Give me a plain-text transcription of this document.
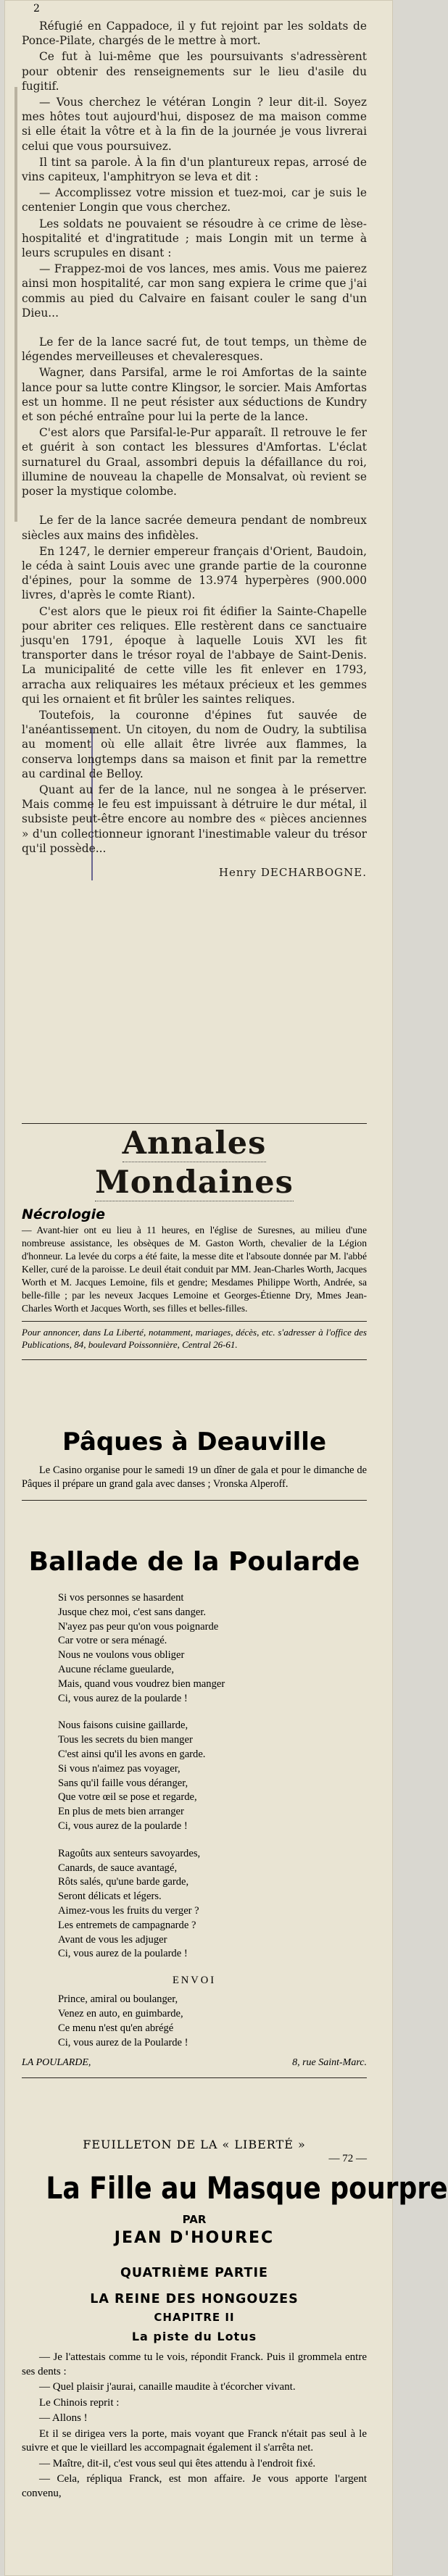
2

Réfugié en Cappadoce, il y fut rejoint par les soldats de Ponce-Pilate, chargés de le mettre à mort.

Ce fut à lui-même que les poursuivants s'adressèrent pour obtenir des renseignements sur le lieu d'asile du fugitif.

— Vous cherchez le vétéran Longin ? leur dit-il. Soyez mes hôtes tout aujourd'hui, disposez de ma maison comme si elle était la vôtre et à la fin de la journée je vous livrerai celui que vous poursuivez.

Il tint sa parole. À la fin d'un plantureux repas, arrosé de vins capiteux, l'amphitryon se leva et dit :

— Accomplissez votre mission et tuez-moi, car je suis le centenier Longin que vous cherchez.

Les soldats ne pouvaient se résoudre à ce crime de lèse-hospitalité et d'ingratitude ; mais Longin mit un terme à leurs scrupules en disant :

— Frappez-moi de vos lances, mes amis. Vous me paierez ainsi mon hospitalité, car mon sang expiera le crime que j'ai commis au pied du Calvaire en faisant couler le sang d'un Dieu...

Le fer de la lance sacré fut, de tout temps, un thème de légendes merveilleuses et chevaleresques.

Wagner, dans Parsifal, arme le roi Amfortas de la sainte lance pour sa lutte contre Klingsor, le sorcier. Mais Amfortas est un homme. Il ne peut résister aux séductions de Kundry et son péché entraîne pour lui la perte de la lance.

C'est alors que Parsifal-le-Pur apparaît. Il retrouve le fer et guérit à son contact les blessures d'Amfortas. L'éclat surnaturel du Graal, assombri depuis la défaillance du roi, illumine de nouveau la chapelle de Monsalvat, où revient se poser la mystique colombe.

Le fer de la lance sacrée demeura pendant de nombreux siècles aux mains des infidèles.

En 1247, le dernier empereur français d'Orient, Baudoin, le céda à saint Louis avec une grande partie de la couronne d'épines, pour la somme de 13.974 hyperpères (900.000 livres, d'après le comte Riant).

C'est alors que le pieux roi fit édifier la Sainte-Chapelle pour abriter ces reliques. Elle restèrent dans ce sanctuaire jusqu'en 1791, époque à laquelle Louis XVI les fit transporter dans le trésor royal de l'abbaye de Saint-Denis. La municipalité de cette ville les fit enlever en 1793, arracha aux reliquaires les métaux précieux et les gemmes qui les ornaient et fit brûler les saintes reliques.

Toutefois, la couronne d'épines fut sauvée de l'anéantissement. Un citoyen, du nom de Oudry, la subtilisa au moment où elle allait être livrée aux flammes, la conserva longtemps dans sa maison et finit par la remettre au cardinal de Belloy.

Quant au fer de la lance, nul ne songea à le préserver. Mais comme le feu est impuissant à détruire le dur métal, il subsiste peut-être encore au nombre des « pièces anciennes » d'un collectionneur ignorant l'inestimable valeur du trésor qu'il possède...

Henry DECHARBOGNE.

Annales Mondaines
Nécrologie

— Avant-hier ont eu lieu à 11 heures, en l'église de Suresnes, au milieu d'une nombreuse assistance, les obsèques de M. Gaston Worth, chevalier de la Légion d'honneur. La levée du corps a été faite, la messe dite et l'absoute donnée par M. l'abbé Keller, curé de la paroisse. Le deuil était conduit par MM. Jean-Charles Worth, Jacques Worth et M. Jacques Lemoine, fils et gendre; Mesdames Philippe Worth, Andrée, sa belle-fille ; par les neveux Jacques Lemoine et Georges-Étienne Dry, Mmes Jean-Charles Worth et Jacques Worth, ses filles et belles-filles.

Pour annoncer, dans La Liberté, notamment, mariages, décès, etc. s'adresser à l'office des Publications, 84, boulevard Poissonnière, Central 26-61.

Pâques à Deauville

Le Casino organise pour le samedi 19 un dîner de gala et pour le dimanche de Pâques il prépare un grand gala avec danses ; Vronska Alperoff.

Ballade de la Poularde

Si vos personnes se hasardent

Jusque chez moi, c'est sans danger.

N'ayez pas peur qu'on vous poignarde

Car votre or sera ménagé.

Nous ne voulons vous obliger

Aucune réclame gueularde,

Mais, quand vous voudrez bien manger

Ci, vous aurez de la poularde !

Nous faisons cuisine gaillarde,

Tous les secrets du bien manger

C'est ainsi qu'il les avons en garde.

Si vous n'aimez pas voyager,

Sans qu'il faille vous déranger,

Que votre œil se pose et regarde,

En plus de mets bien arranger

Ci, vous aurez de la poularde !

Ragoûts aux senteurs savoyardes,

Canards, de sauce avantagé,

Rôts salés, qu'une barde garde,

Seront délicats et légers.

Aimez-vous les fruits du verger ?

Les entremets de campagnarde ?

Avant de vous les adjuger

Ci, vous aurez de la poularde !

ENVOI

Prince, amiral ou boulanger,

Venez en auto, en guimbarde,

Ce menu n'est qu'en abrégé

Ci, vous aurez de la Poularde !

LA POULARDE,	8, rue Saint-Marc.
FEUILLETON DE LA « LIBERTÉ »
— 72 —
La Fille au Masque pourpre
PAR
JEAN D'HOUREC
QUATRIÈME PARTIE
LA REINE DES HONGOUZES
CHAPITRE II
La piste du Lotus

— Je l'attestais comme tu le vois, répondit Franck. Puis il grommela entre ses dents :

— Quel plaisir j'aurai, canaille maudite à t'écorcher vivant.

Le Chinois reprit :

— Allons !

Et il se dirigea vers la porte, mais voyant que Franck n'était pas seul à le suivre et que le vieillard les accompagnait également il s'arrêta net.

— Maître, dit-il, c'est vous seul qui êtes attendu à l'endroit fixé.

— Cela, répliqua Franck, est mon affaire. Je vous apporte l'argent convenu,
